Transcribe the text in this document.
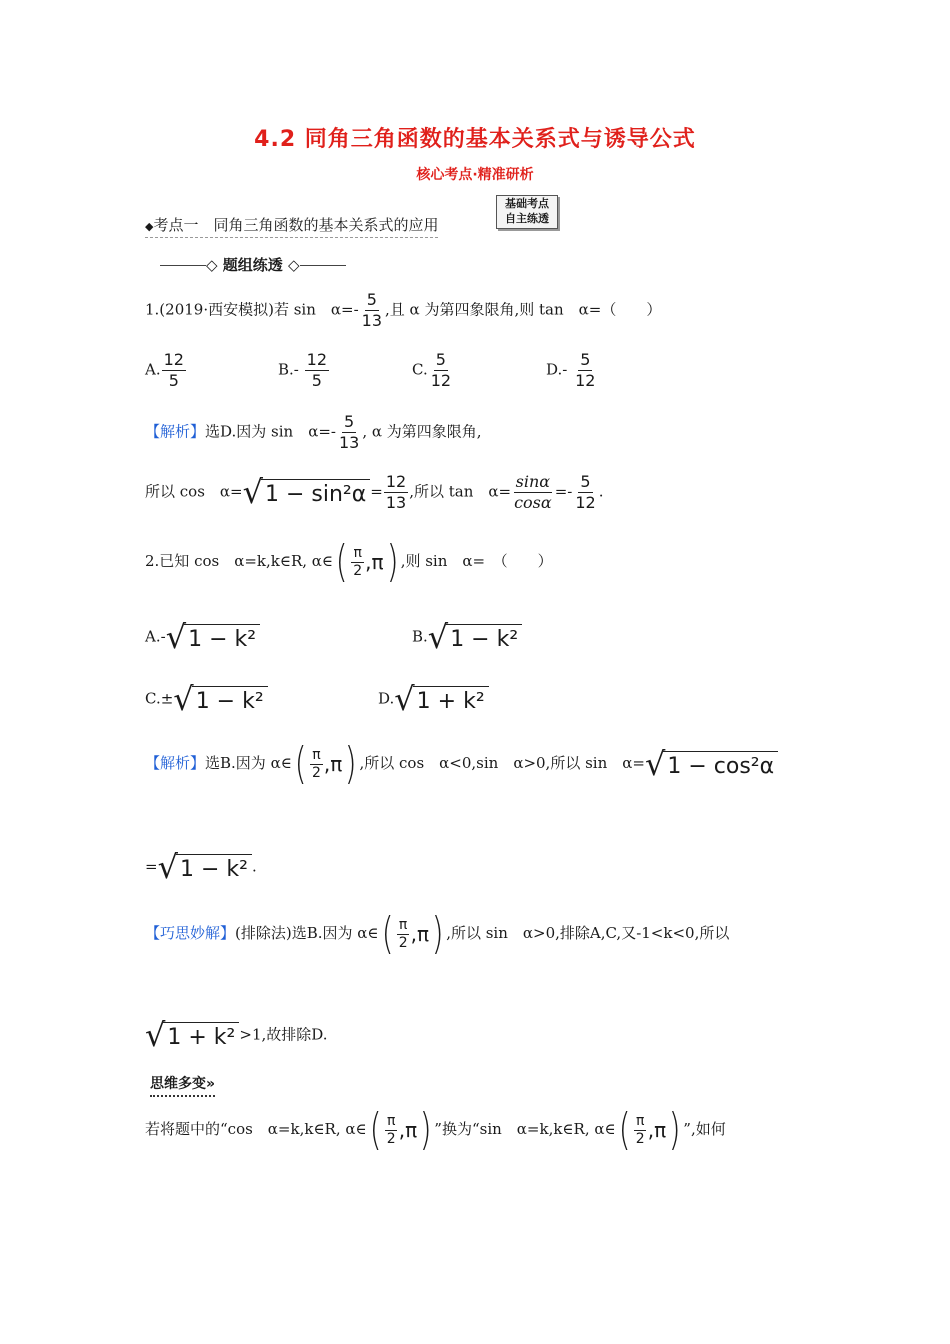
4.2 同角三角函数的基本关系式与诱导公式
核心考点·精准研析
◆考点一　同角三角函数的基本关系式的应用
基础考点
自主练透
◇ 题组练透 ◇
1.(2019·西安模拟)若 sin　$\alpha=- \frac{5}{13}$ ,且 α 为第四象限角,则 tan　α=（　　）
A. $\frac{12}{5}$	$B.- \frac{12}{5}$	C. $\frac{5}{12}$	$D.- \frac{5}{12}$
【解析】选D.因为 sin　$\alpha=- \frac{5}{13}$ , α 为第四象限角,
所以 cos　α= √ $1 - \sin^2\alpha = \frac{12}{13}$ ,所以 tan　$\alpha= \frac{\sin\alpha}{\cos\alpha} =- \frac{5}{12}$ .
2.已知 cos　α=k,k∈R, α∈ ( $\frac{\pi}{2} ,\pi$ ) ,则 sin　α=　（　　）
A.- √ 1 − k²	B. √ 1 − k²
C.± √ 1 − k²	D. √ 1 + k²
【解析】选B.因为 α∈ ( $\frac{\pi}{2} ,\pi$ ) ,所以 cos　α<0,sin　α>0,所以 sin　α= √ 1 − cos²α
= √ 1 − k² .
【巧思妙解】(排除法)选B.因为 α∈ ( $\frac{\pi}{2} ,\pi$ ) ,所以 sin　α>0,排除A,C,又-1<k<0,所以
√ 1 + k² >1,故排除D.
思维多变»
若将题中的“cos　α=k,k∈R, α∈ ( $\frac{\pi}{2} ,\pi$ ) ”换为“sin　α=k,k∈R, α∈ ( $\frac{\pi}{2} ,\pi$ ) ”,如何
